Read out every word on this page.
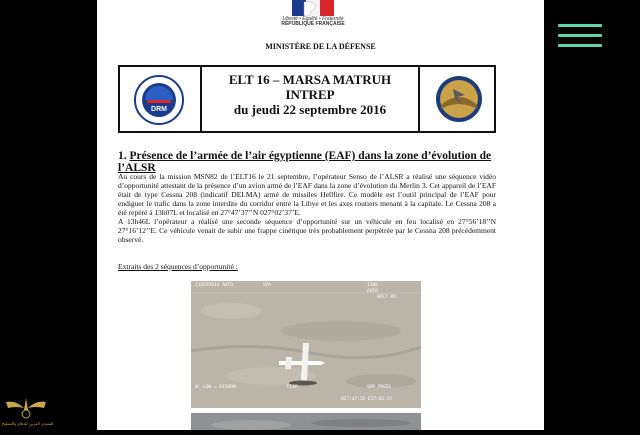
Liberté • Égalité • Fraternité
RÉPUBLIQUE FRANÇAISE
MINISTÈRE DE LA DÉFENSE
DRM
ELT 16 – MARSA MATRUH
INTREP
du jeudi 22 septembre 2016
1. Présence de l’armée de l’air égyptienne (EAF) dans la zone d’évolution de l’ALSR

Au cours de la mission MSN82 de l’ELT16 le 21 septembre, l’opérateur Senso de l’ALSR a réalisé une séquence vidéo d’opportunité attestant de la présence d’un avion armé de l’EAF dans la zone d’évolution du Merlin 3. Cet appareil de l’EAF était de type Cessna 208 (indicatif DELMA) armé de missiles Hellfire. Ce modèle est l’outil principal de l’EAF pour endiguer le trafic dans la zone interdite du corridor entre la Libye et les axes routiers menant à la capitale. Le Cessna 208 a été repéré à 13h07L et localisé en 27°47’37’’N 027°02’37’E.

A 13h46L l’opérateur a réalisé une seconde séquence d’opportunité sur un véhicule en feu localisé en 27°56’18’’N 27°16’12’’E. Ce véhicule venait de subir une frappe cinétique très probablement perpétrée par le Cessna 208 précédemment observé.

Extraits des 2 séquences d’opportunité :
21SEP2016 AUTO	SPA	1500
AUTO
BPLT 00
W: LOW = DISARM	FLIR	SPD PREDS
N27:47:35 E27:02:37
المنتدى العربي للدفاع والتسليح
